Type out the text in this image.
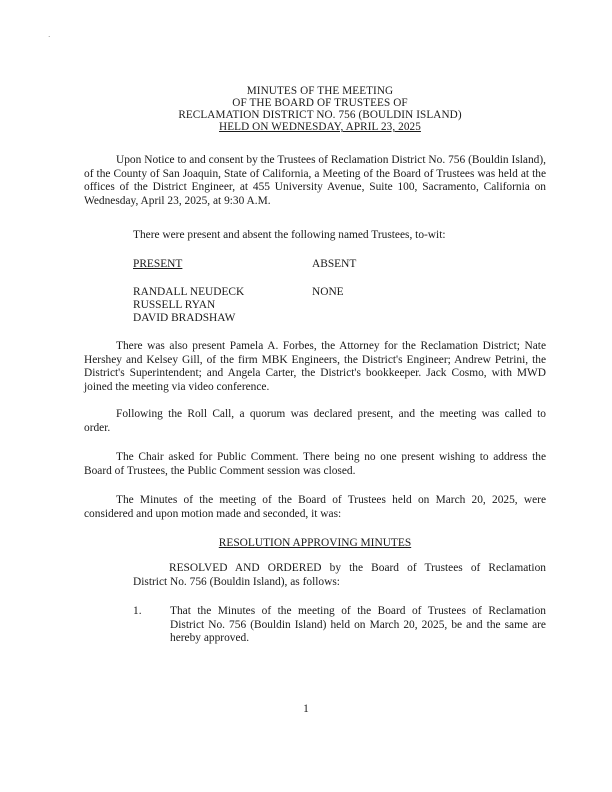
·
MINUTES OF THE MEETING
OF THE BOARD OF TRUSTEES OF
RECLAMATION DISTRICT NO. 756 (BOULDIN ISLAND)
HELD ON WEDNESDAY, APRIL 23, 2025
Upon Notice to and consent by the Trustees of Reclamation District No. 756 (Bouldin Island),
of the County of San Joaquin, State of California, a Meeting of the Board of Trustees was held at the
offices of the District Engineer, at 455 University Avenue, Suite 100, Sacramento, California on
Wednesday, April 23, 2025, at 9:30 A.M.
There were present and absent the following named Trustees, to-wit:
PRESENT	ABSENT
RANDALL NEUDECK
RUSSELL RYAN
DAVID BRADSHAW
NONE
There was also present Pamela A. Forbes, the Attorney for the Reclamation District; Nate
Hershey and Kelsey Gill, of the firm MBK Engineers, the District's Engineer; Andrew Petrini, the
District's Superintendent; and Angela Carter, the District's bookkeeper. Jack Cosmo, with MWD
joined the meeting via video conference.
Following the Roll Call, a quorum was declared present, and the meeting was called to
order.
The Chair asked for Public Comment. There being no one present wishing to address the
Board of Trustees, the Public Comment session was closed.
The Minutes of the meeting of the Board of Trustees held on March 20, 2025, were
considered and upon motion made and seconded, it was:
RESOLUTION APPROVING MINUTES
RESOLVED AND ORDERED by the Board of Trustees of Reclamation
District No. 756 (Bouldin Island), as follows:
1. That the Minutes of the meeting of the Board of Trustees of Reclamation
District No. 756 (Bouldin Island) held on March 20, 2025, be and the same are
hereby approved.
1
